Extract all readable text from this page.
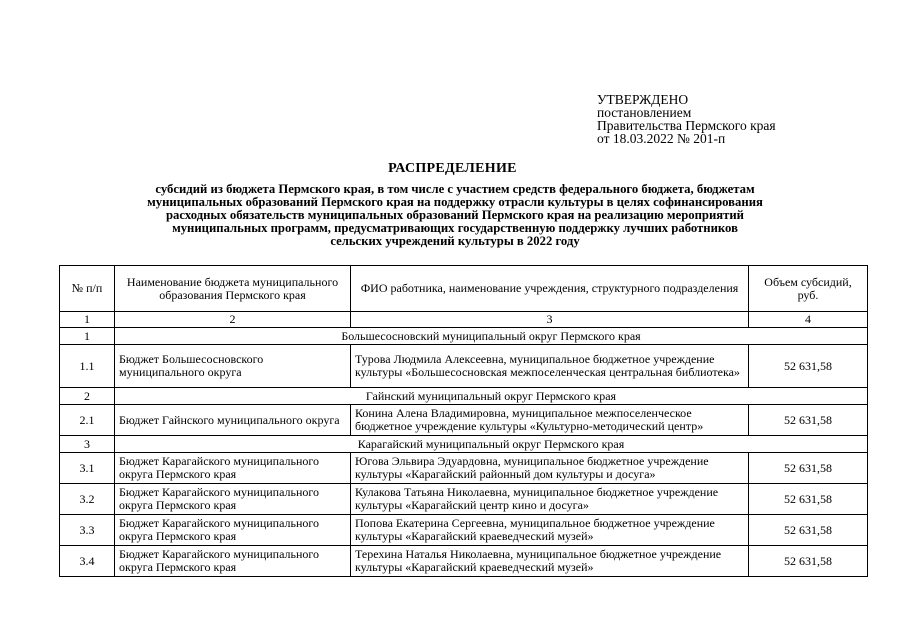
УТВЕРЖДЕНО
постановлением
Правительства Пермского края
от 18.03.2022 № 201-п
РАСПРЕДЕЛЕНИЕ
субсидий из бюджета Пермского края, в том числе с участием средств федерального бюджета, бюджетам
муниципальных образований Пермского края на поддержку отрасли культуры в целях софинансирования
расходных обязательств муниципальных образований Пермского края на реализацию мероприятий
муниципальных программ, предусматривающих государственную поддержку лучших работников
сельских учреждений культуры в 2022 году
№ п/п	Наименование бюджета муниципального образования Пермского края	ФИО работника, наименование учреждения, структурного подразделения	Объем субсидий, руб.
1	2	3	4
1	Большесосновский муниципальный округ Пермского края		
1.1	Бюджет Большесосновского муниципального округа	Турова Людмила Алексеевна, муниципальное бюджетное учреждение культуры «Большесосновская межпоселенческая центральная библиотека»	52 631,58
2	Гайнский муниципальный округ Пермского края		
2.1	Бюджет Гайнского муниципального округа	Конина Алена Владимировна, муниципальное межпоселенческое бюджетное учреждение культуры «Культурно-методический центр»	52 631,58
3	Карагайский муниципальный округ Пермского края		
3.1	Бюджет Карагайского муниципального округа Пермского края	Югова Эльвира Эдуардовна, муниципальное бюджетное учреждение культуры «Карагайский районный дом культуры и досуга»	52 631,58
3.2	Бюджет Карагайского муниципального округа Пермского края	Кулакова Татьяна Николаевна, муниципальное бюджетное учреждение культуры «Карагайский центр кино и досуга»	52 631,58
3.3	Бюджет Карагайского муниципального округа Пермского края	Попова Екатерина Сергеевна, муниципальное бюджетное учреждение культуры «Карагайский краеведческий музей»	52 631,58
3.4	Бюджет Карагайского муниципального округа Пермского края	Терехина Наталья Николаевна, муниципальное бюджетное учреждение культуры «Карагайский краеведческий музей»	52 631,58
